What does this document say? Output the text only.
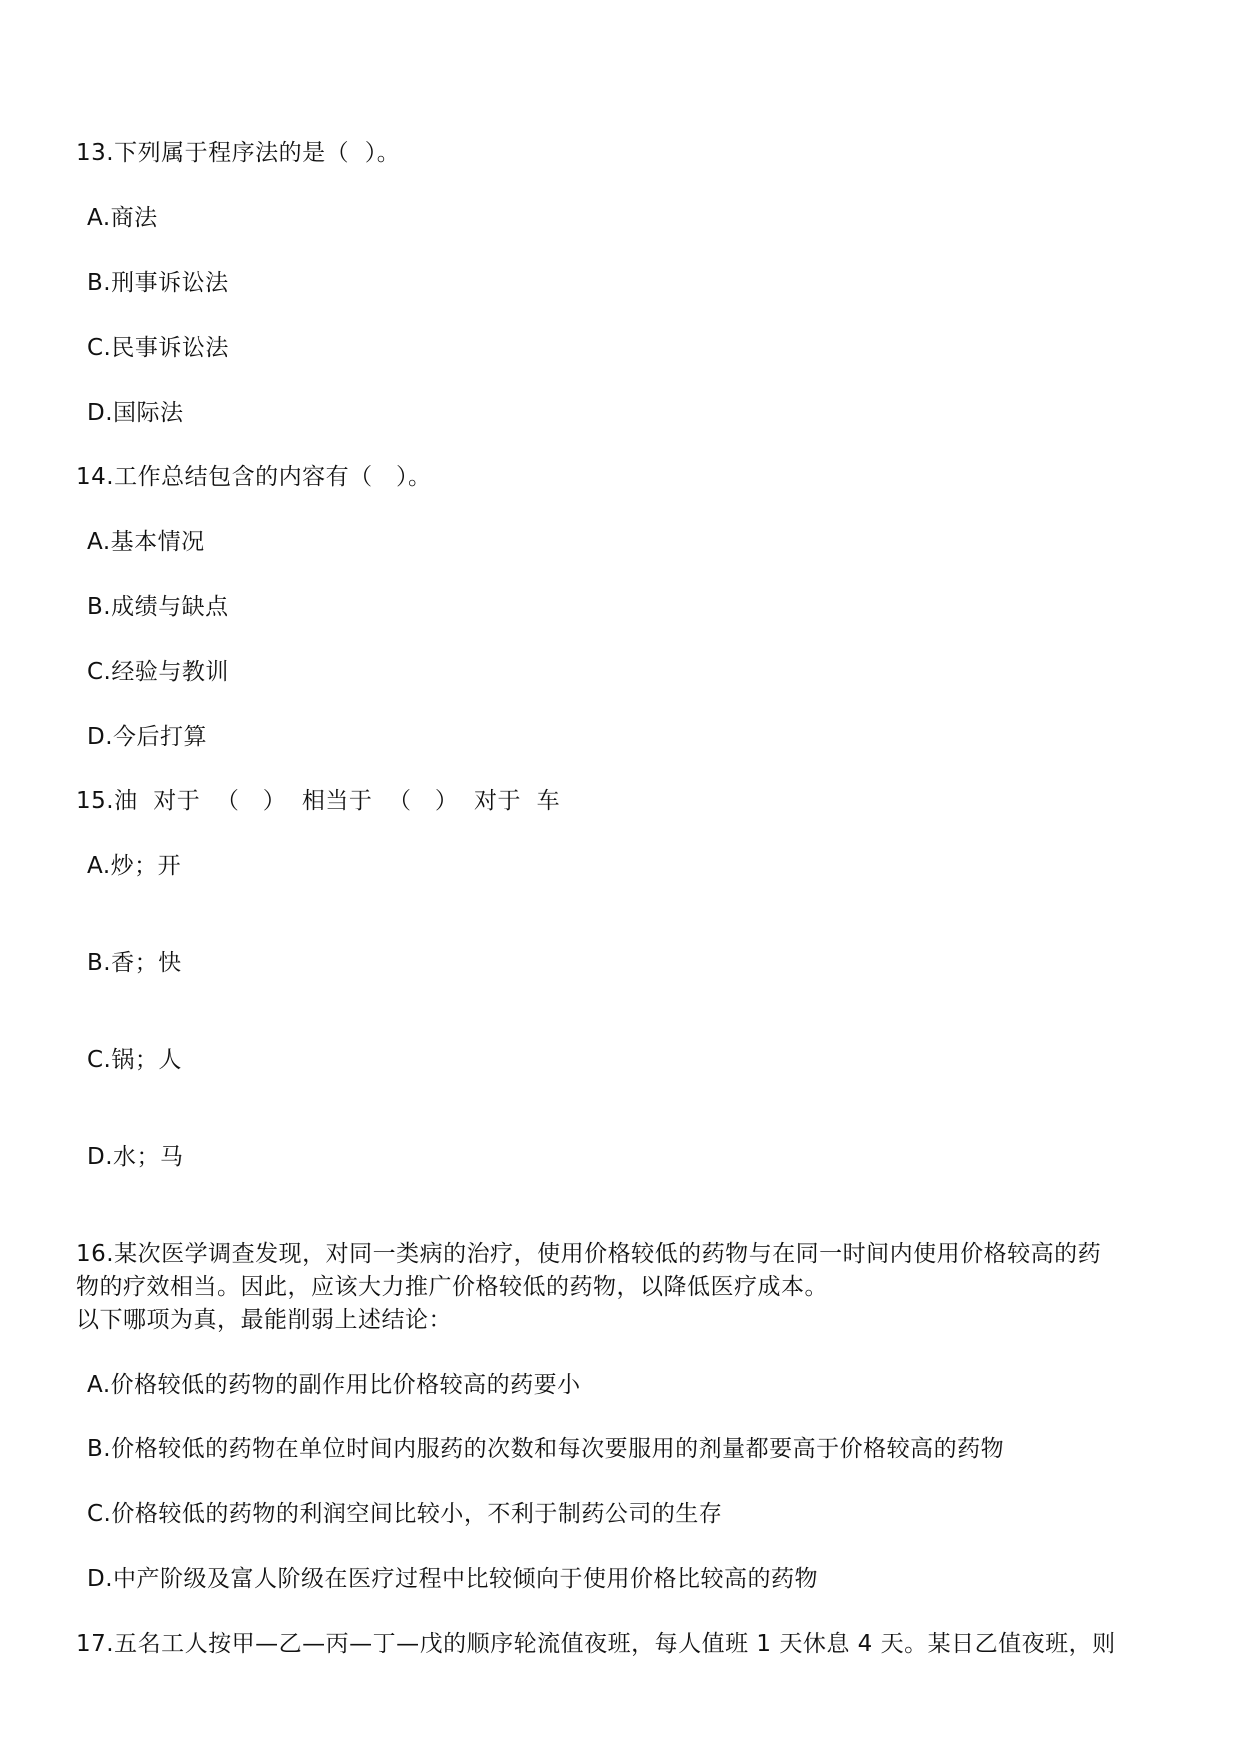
13.下列属于程序法的是（  ）。
A.商法
B.刑事诉讼法
C.民事诉讼法
D.国际法
14.工作总结包含的内容有（   ）。
A.基本情况
B.成绩与缺点
C.经验与教训
D.今后打算
15.油  对于  （   ）  相当于  （   ）  对于  车
A.炒；开
B.香；快
C.锅；人
D.水；马
16.某次医学调查发现，对同一类病的治疗，使用价格较低的药物与在同一时间内使用价格较高的药
物的疗效相当。因此，应该大力推广价格较低的药物，以降低医疗成本。
以下哪项为真，最能削弱上述结论：
A.价格较低的药物的副作用比价格较高的药要小
B.价格较低的药物在单位时间内服药的次数和每次要服用的剂量都要高于价格较高的药物
C.价格较低的药物的利润空间比较小，不利于制药公司的生存
D.中产阶级及富人阶级在医疗过程中比较倾向于使用价格比较高的药物
17.五名工人按甲—乙—丙—丁—戊的顺序轮流值夜班，每人值班 1 天休息 4 天。某日乙值夜班，则
